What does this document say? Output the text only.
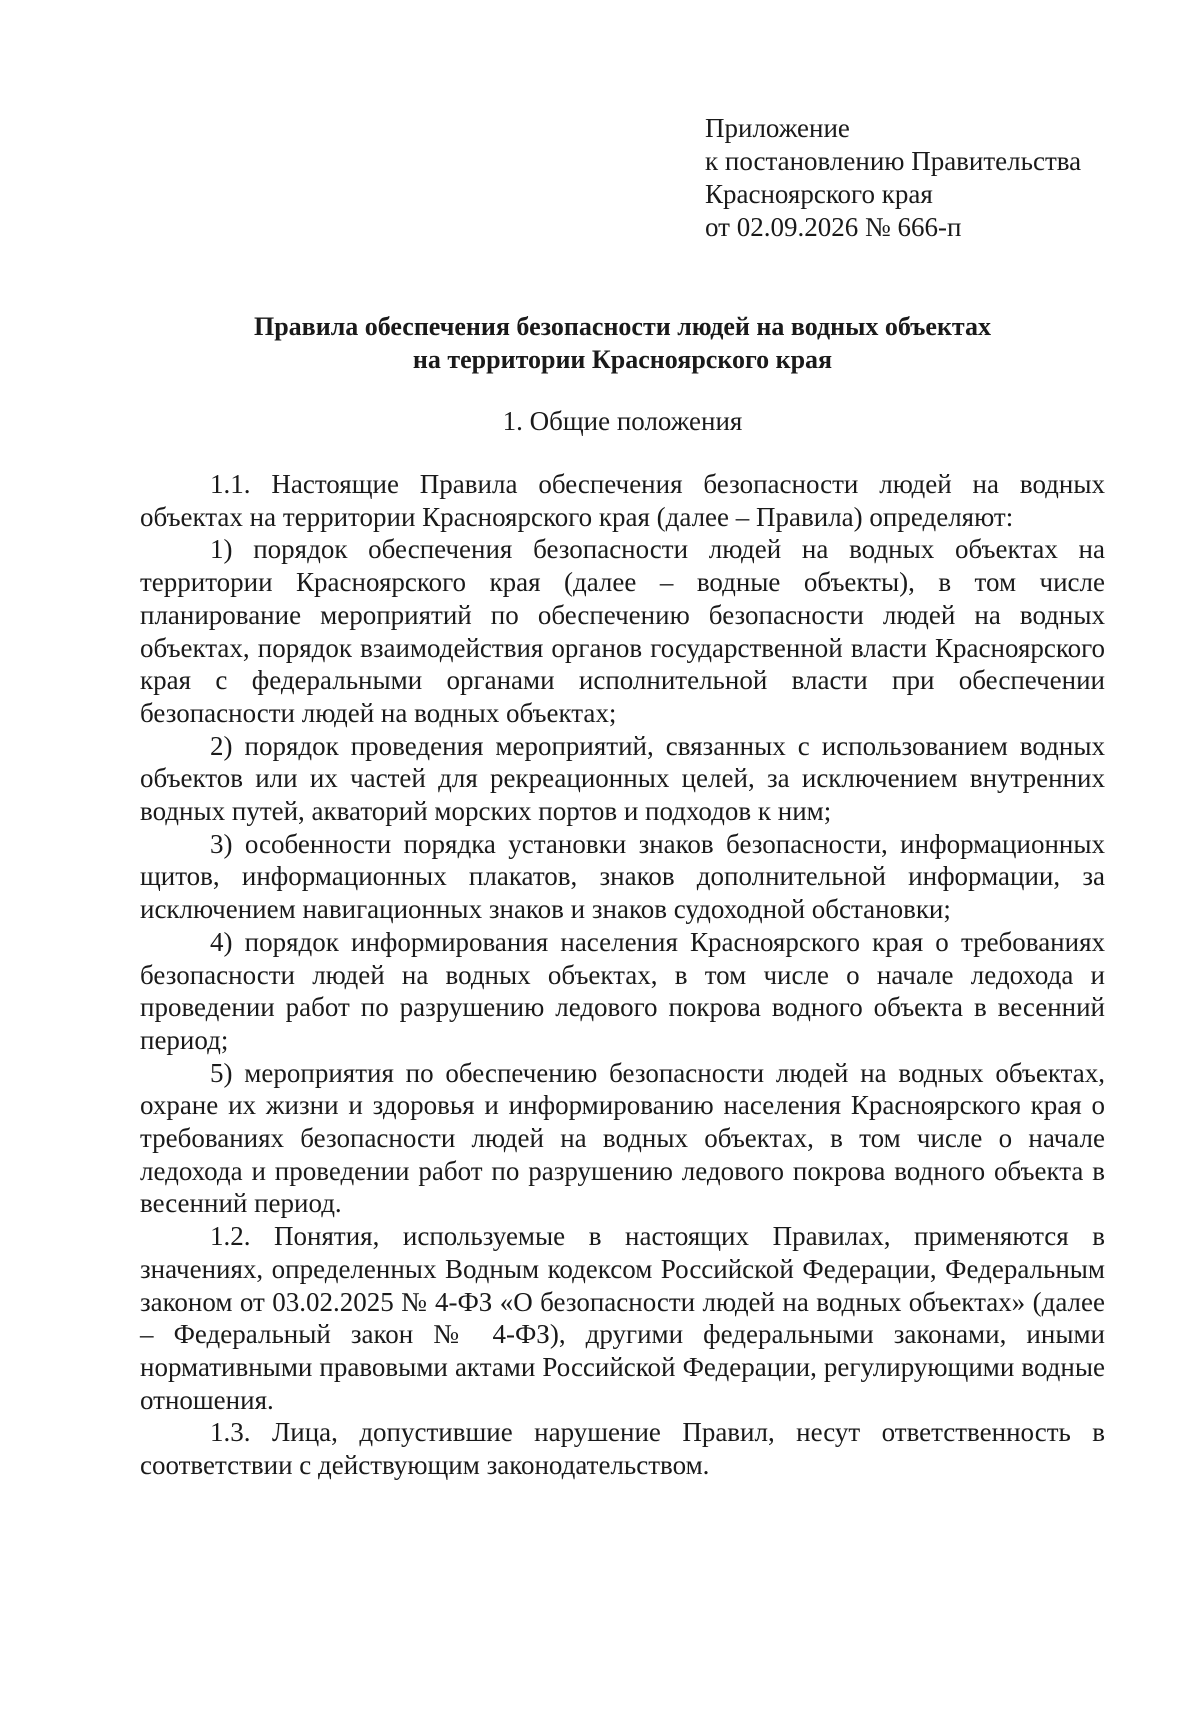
Приложение
к постановлению Правительства
Красноярского края
от 02.09.2026 № 666-п
Правила обеспечения безопасности людей на водных объектах
на территории Красноярского края
1. Общие положения

1.1. Настоящие Правила обеспечения безопасности людей на водных объектах на территории Красноярского края (далее – Правила) определяют:

1) порядок обеспечения безопасности людей на водных объектах на территории Красноярского края (далее – водные объекты), в том числе планирование мероприятий по обеспечению безопасности людей на водных объектах, порядок взаимодействия органов государственной власти Красноярского края с федеральными органами исполнительной власти при обеспечении безопасности людей на водных объектах;

2) порядок проведения мероприятий, связанных с использованием водных объектов или их частей для рекреационных целей, за исключением внутренних водных путей, акваторий морских портов и подходов к ним;

3) особенности порядка установки знаков безопасности, информационных щитов, информационных плакатов, знаков дополнительной информации, за исключением навигационных знаков и знаков судоходной обстановки;

4) порядок информирования населения Красноярского края о требованиях безопасности людей на водных объектах, в том числе о начале ледохода и проведении работ по разрушению ледового покрова водного объекта в весенний период;

5) мероприятия по обеспечению безопасности людей на водных объектах, охране их жизни и здоровья и информированию населения Красноярского края о требованиях безопасности людей на водных объектах, в том числе о начале ледохода и проведении работ по разрушению ледового покрова водного объекта в весенний период.

1.2. Понятия, используемые в настоящих Правилах, применяются в значениях, определенных Водным кодексом Российской Федерации, Федеральным законом от 03.02.2025 № 4-ФЗ «О безопасности людей на водных объектах» (далее – Федеральный закон № 4-ФЗ), другими федеральными законами, иными нормативными правовыми актами Российской Федерации, регулирующими водные отношения.

1.3. Лица, допустившие нарушение Правил, несут ответственность в соответствии с действующим законодательством.
